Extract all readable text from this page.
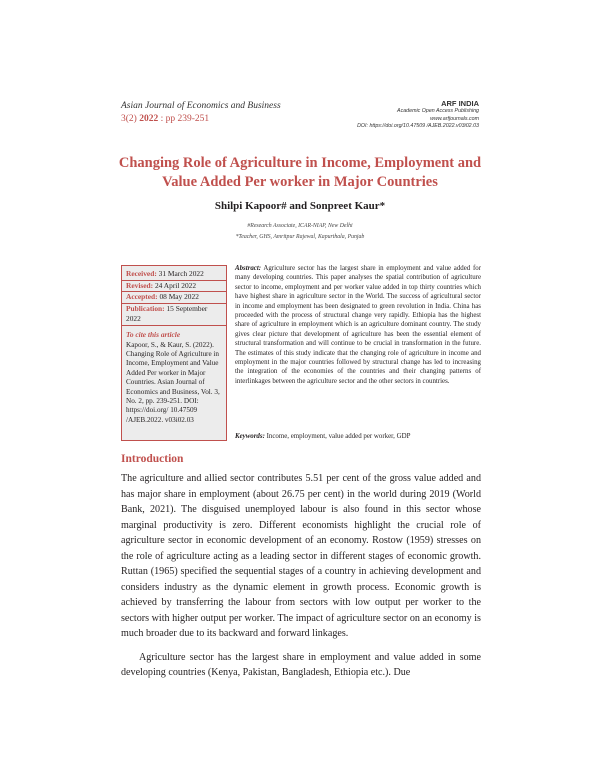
Asian Journal of Economics and Business
3(2) 2022 : pp 239-251
ARF INDIA
Academic Open Access Publishing
www.arfjournals.com
DOI: https://doi.org/10.47509 /AJEB.2022.v03i02.03
Changing Role of Agriculture in Income, Employment and Value Added Per worker in Major Countries
Shilpi Kapoor# and Sonpreet Kaur*
#Research Associate, ICAR-NIAP, New Delhi
*Teacher, GHS, Amritpur Rajewal, Kapurthala, Punjab
Received: 31 March 2022
Revised: 24 April 2022
Accepted: 08 May 2022
Publication: 15 September 2022
To cite this article
Kapoor, S., & Kaur, S. (2022). Changing Role of Agriculture in Income, Employment and Value Added Per worker in Major Countries. Asian Journal of Economics and Business, Vol. 3, No. 2, pp. 239-251. DOI: https://doi.org/ 10.47509 /AJEB.2022. v03i02.03
Abstract: Agriculture sector has the largest share in employment and value added for many developing countries. This paper analyses the spatial contribution of agriculture sector to income, employment and per worker value added in top thirty countries which have highest share in agriculture sector in the World. The success of agricultural sector in income and employment has been designated to green revolution in India. China has proceeded with the process of structural change very rapidly. Ethiopia has the highest share of agriculture in employment which is an agriculture dominant country. The study gives clear picture that development of agriculture has been the essential element of structural transformation and will continue to be crucial in transformation in the future. The estimates of this study indicate that the changing role of agriculture in income and employment in the major countries followed by structural change has led to increasing the integration of the economies of the countries and their changing patterns of interlinkages between the agriculture sector and the other sectors in countries.
Keywords: Income, employment, value added per worker, GDP
Introduction

The agriculture and allied sector contributes 5.51 per cent of the gross value added and has major share in employment (about 26.75 per cent) in the world during 2019 (World Bank, 2021). The disguised unemployed labour is also found in this sector whose marginal productivity is zero. Different economists highlight the crucial role of agriculture sector in economic development of an economy. Rostow (1959) stresses on the role of agriculture acting as a leading sector in different stages of economic growth. Ruttan (1965) specified the sequential stages of a country in achieving development and considers industry as the dynamic element in growth process. Economic growth is achieved by transferring the labour from sectors with low output per worker to the sectors with higher output per worker. The impact of agriculture sector on an economy is much broader due to its backward and forward linkages.

Agriculture sector has the largest share in employment and value added in some developing countries (Kenya, Pakistan, Bangladesh, Ethiopia etc.). Due
